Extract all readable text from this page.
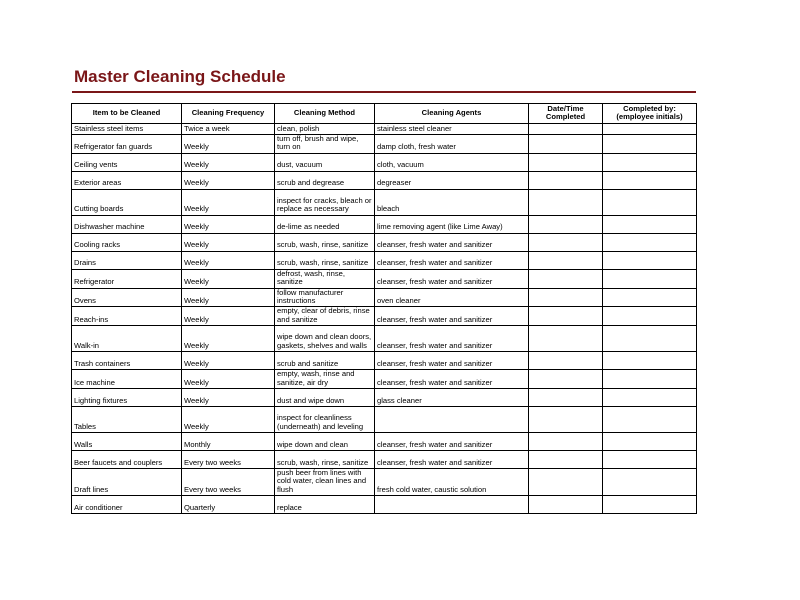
Master Cleaning Schedule
Item to be Cleaned	Cleaning Frequency	Cleaning Method	Cleaning Agents	Date/Time Completed	Completed by: (employee initials)
Stainless steel items	Twice a week	clean, polish	stainless steel cleaner		
Refrigerator fan guards	Weekly	turn off, brush and wipe, turn on	damp cloth, fresh water		
Ceiling vents	Weekly	dust, vacuum	cloth, vacuum		
Exterior areas	Weekly	scrub and degrease	degreaser		
Cutting boards	Weekly	inspect for cracks, bleach or replace as necessary	bleach		
Dishwasher machine	Weekly	de-lime as needed	lime removing agent (like Lime Away)		
Cooling racks	Weekly	scrub, wash, rinse, sanitize	cleanser, fresh water and sanitizer		
Drains	Weekly	scrub, wash, rinse, sanitize	cleanser, fresh water and sanitizer		
Refrigerator	Weekly	defrost, wash, rinse, sanitize	cleanser, fresh water and sanitizer		
Ovens	Weekly	follow manufacturer instructions	oven cleaner		
Reach-ins	Weekly	empty, clear of debris, rinse and sanitize	cleanser, fresh water and sanitizer		
Walk-in	Weekly	wipe down and clean doors, gaskets, shelves and walls	cleanser, fresh water and sanitizer		
Trash containers	Weekly	scrub and sanitize	cleanser, fresh water and sanitizer		
Ice machine	Weekly	empty, wash, rinse and sanitize, air dry	cleanser, fresh water and sanitizer		
Lighting fixtures	Weekly	dust and wipe down	glass cleaner		
Tables	Weekly	inspect for cleanliness (underneath) and leveling			
Walls	Monthly	wipe down and clean	cleanser, fresh water and sanitizer		
Beer faucets and couplers	Every two weeks	scrub, wash, rinse, sanitize	cleanser, fresh water and sanitizer		
Draft lines	Every two weeks	push beer from lines with cold water, clean lines and flush	fresh cold water, caustic solution		
Air conditioner	Quarterly	replace			
